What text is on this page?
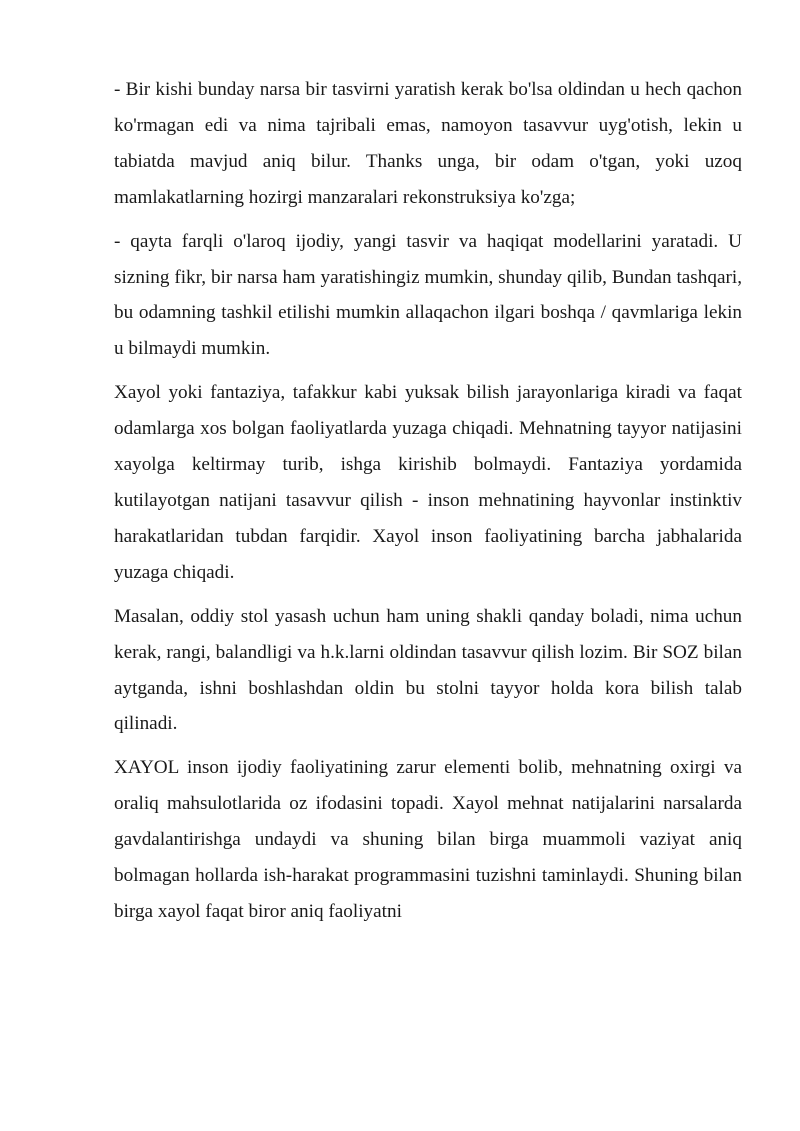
- Bir kishi bunday narsa bir tasvirni yaratish kerak bo'lsa oldindan u hech qachon ko'rmagan edi va nima tajribali emas, namoyon tasavvur uyg'otish, lekin u tabiatda mavjud aniq bilur. Thanks unga, bir odam o'tgan, yoki uzoq mamlakatlarning hozirgi manzaralari rekonstruksiya ko'zga;

- qayta farqli o'laroq ijodiy, yangi tasvir va haqiqat modellarini yaratadi. U sizning fikr, bir narsa ham yaratishingiz mumkin, shunday qilib, Bundan tashqari, bu odamning tashkil etilishi mumkin allaqachon ilgari boshqa / qavmlariga lekin u bilmaydi mumkin.

Xayol yoki fantaziya, tafakkur kabi yuksak bilish jarayonlariga kiradi va faqat odamlarga xos bolgan faoliyatlarda yuzaga chiqadi. Mehnatning tayyor natijasini xayolga keltirmay turib, ishga kirishib bolmaydi. Fantaziya yordamida kutilayotgan natijani tasavvur qilish - inson mehnatining hayvonlar instinktiv harakatlaridan tubdan farqidir. Xayol inson faoliyatining barcha jabhalarida yuzaga chiqadi.

Masalan, oddiy stol yasash uchun ham uning shakli qanday boladi, nima uchun kerak, rangi, balandligi va h.k.larni oldindan tasavvur qilish lozim. Bir SOZ bilan aytganda, ishni boshlashdan oldin bu stolni tayyor holda kora bilish talab qilinadi.

XAYOL inson ijodiy faoliyatining zarur elementi bolib, mehnatning oxirgi va oraliq mahsulotlarida oz ifodasini topadi. Xayol mehnat natijalarini narsalarda gavdalantirishga undaydi va shuning bilan birga muammoli vaziyat aniq bolmagan hollarda ish-harakat programmasini tuzishni taminlaydi. Shuning bilan birga xayol faqat biror aniq faoliyatni
